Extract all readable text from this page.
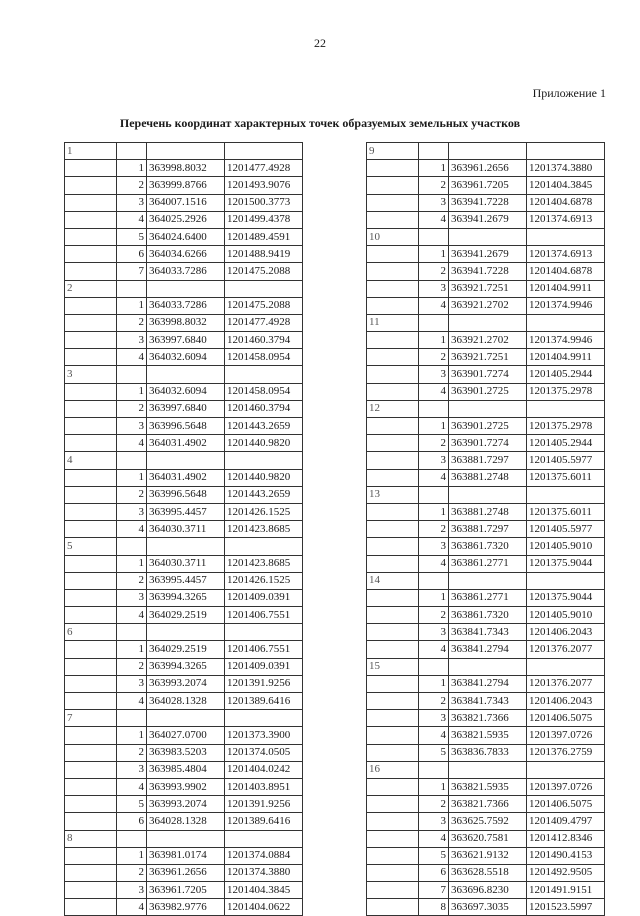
22
Приложение 1
Перечень координат характерных точек образуемых земельных участков
1			
	1	363998.8032	1201477.4928
	2	363999.8766	1201493.9076
	3	364007.1516	1201500.3773
	4	364025.2926	1201499.4378
	5	364024.6400	1201489.4591
	6	364034.6266	1201488.9419
	7	364033.7286	1201475.2088
2			
	1	364033.7286	1201475.2088
	2	363998.8032	1201477.4928
	3	363997.6840	1201460.3794
	4	364032.6094	1201458.0954
3			
	1	364032.6094	1201458.0954
	2	363997.6840	1201460.3794
	3	363996.5648	1201443.2659
	4	364031.4902	1201440.9820
4			
	1	364031.4902	1201440.9820
	2	363996.5648	1201443.2659
	3	363995.4457	1201426.1525
	4	364030.3711	1201423.8685
5			
	1	364030.3711	1201423.8685
	2	363995.4457	1201426.1525
	3	363994.3265	1201409.0391
	4	364029.2519	1201406.7551
6			
	1	364029.2519	1201406.7551
	2	363994.3265	1201409.0391
	3	363993.2074	1201391.9256
	4	364028.1328	1201389.6416
7			
	1	364027.0700	1201373.3900
	2	363983.5203	1201374.0505
	3	363985.4804	1201404.0242
	4	363993.9902	1201403.8951
	5	363993.2074	1201391.9256
	6	364028.1328	1201389.6416
8			
	1	363981.0174	1201374.0884
	2	363961.2656	1201374.3880
	3	363961.7205	1201404.3845
	4	363982.9776	1201404.0622
9			
	1	363961.2656	1201374.3880
	2	363961.7205	1201404.3845
	3	363941.7228	1201404.6878
	4	363941.2679	1201374.6913
10			
	1	363941.2679	1201374.6913
	2	363941.7228	1201404.6878
	3	363921.7251	1201404.9911
	4	363921.2702	1201374.9946
11			
	1	363921.2702	1201374.9946
	2	363921.7251	1201404.9911
	3	363901.7274	1201405.2944
	4	363901.2725	1201375.2978
12			
	1	363901.2725	1201375.2978
	2	363901.7274	1201405.2944
	3	363881.7297	1201405.5977
	4	363881.2748	1201375.6011
13			
	1	363881.2748	1201375.6011
	2	363881.7297	1201405.5977
	3	363861.7320	1201405.9010
	4	363861.2771	1201375.9044
14			
	1	363861.2771	1201375.9044
	2	363861.7320	1201405.9010
	3	363841.7343	1201406.2043
	4	363841.2794	1201376.2077
15			
	1	363841.2794	1201376.2077
	2	363841.7343	1201406.2043
	3	363821.7366	1201406.5075
	4	363821.5935	1201397.0726
	5	363836.7833	1201376.2759
16			
	1	363821.5935	1201397.0726
	2	363821.7366	1201406.5075
	3	363625.7592	1201409.4797
	4	363620.7581	1201412.8346
	5	363621.9132	1201490.4153
	6	363628.5518	1201492.9505
	7	363696.8230	1201491.9151
	8	363697.3035	1201523.5997
